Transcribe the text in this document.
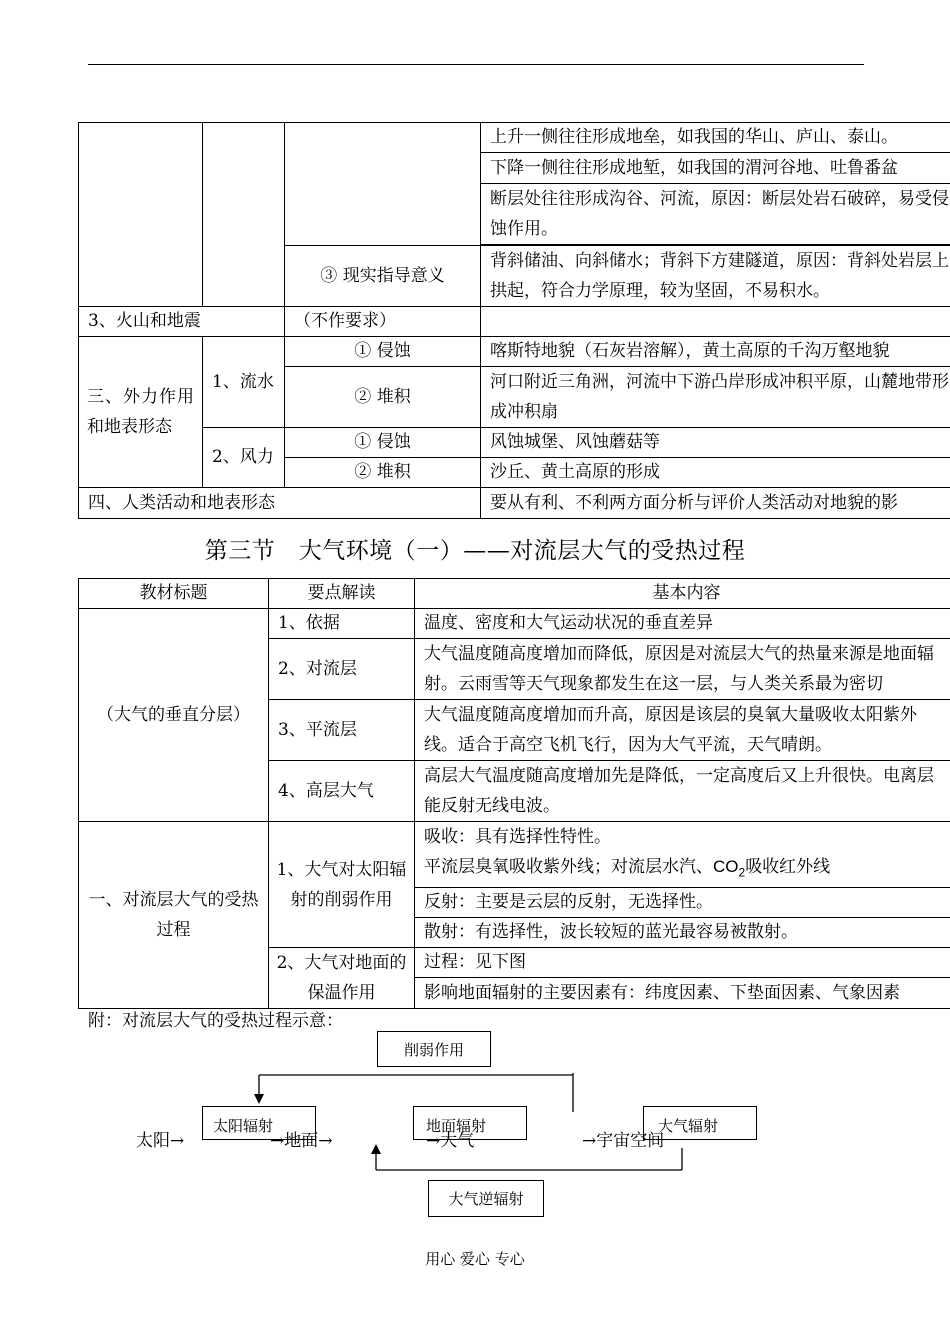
			上升一侧往往形成地垒，如我国的华山、庐山、泰山。
			下降一侧往往形成地堑，如我国的渭河谷地、吐鲁番盆
			断层处往往形成沟谷、河流，原因：断层处岩石破碎，易受侵蚀作用。

		③ 现实指导意义	背斜储油、向斜储水；背斜下方建隧道，原因：背斜处岩层上拱起，符合力学原理，较为坚固，不易积水。
3、火山和地震		（不作要求）	
三、外力作用和地表形态	1、流水	① 侵蚀	喀斯特地貌（石灰岩溶解），黄土高原的千沟万壑地貌
		② 堆积	河口附近三角洲，河流中下游凸岸形成冲积平原，山麓地带形成冲积扇
	2、风力	① 侵蚀	风蚀城堡、风蚀蘑菇等
		② 堆积	沙丘、黄土高原的形成
四、人类活动和地表形态			要从有利、不利两方面分析与评价人类活动对地貌的影
第三节　大气环境（一）——对流层大气的受热过程
教材标题	要点解读	基本内容
（大气的垂直分层）	1、依据	温度、密度和大气运动状况的垂直差异
	2、对流层	大气温度随高度增加而降低，原因是对流层大气的热量来源是地面辐射。云雨雪等天气现象都发生在这一层，与人类关系最为密切
	3、平流层	大气温度随高度增加而升高，原因是该层的臭氧大量吸收太阳紫外线。适合于高空飞机飞行，因为大气平流，天气晴朗。
	4、高层大气	高层大气温度随高度增加先是降低，一定高度后又上升很快。电离层能反射无线电波。
一、对流层大气的受热过程	1、大气对太阳辐射的削弱作用	吸收：具有选择性特性。
平流层臭氧吸收紫外线；对流层水汽、$CO_2$吸收红外线

		反射：主要是云层的反射，无选择性。
		散射：有选择性，波长较短的蓝光最容易被散射。
	2、大气对地面的保温作用	过程：见下图
		影响地面辐射的主要因素有：纬度因素、下垫面因素、气象因素
附：对流层大气的受热过程示意：
削弱作用
太阳辐射	地面辐射	大气辐射
大气逆辐射
太阳→	→地面→	→大气	→宇宙空间
用心 爱心 专心
